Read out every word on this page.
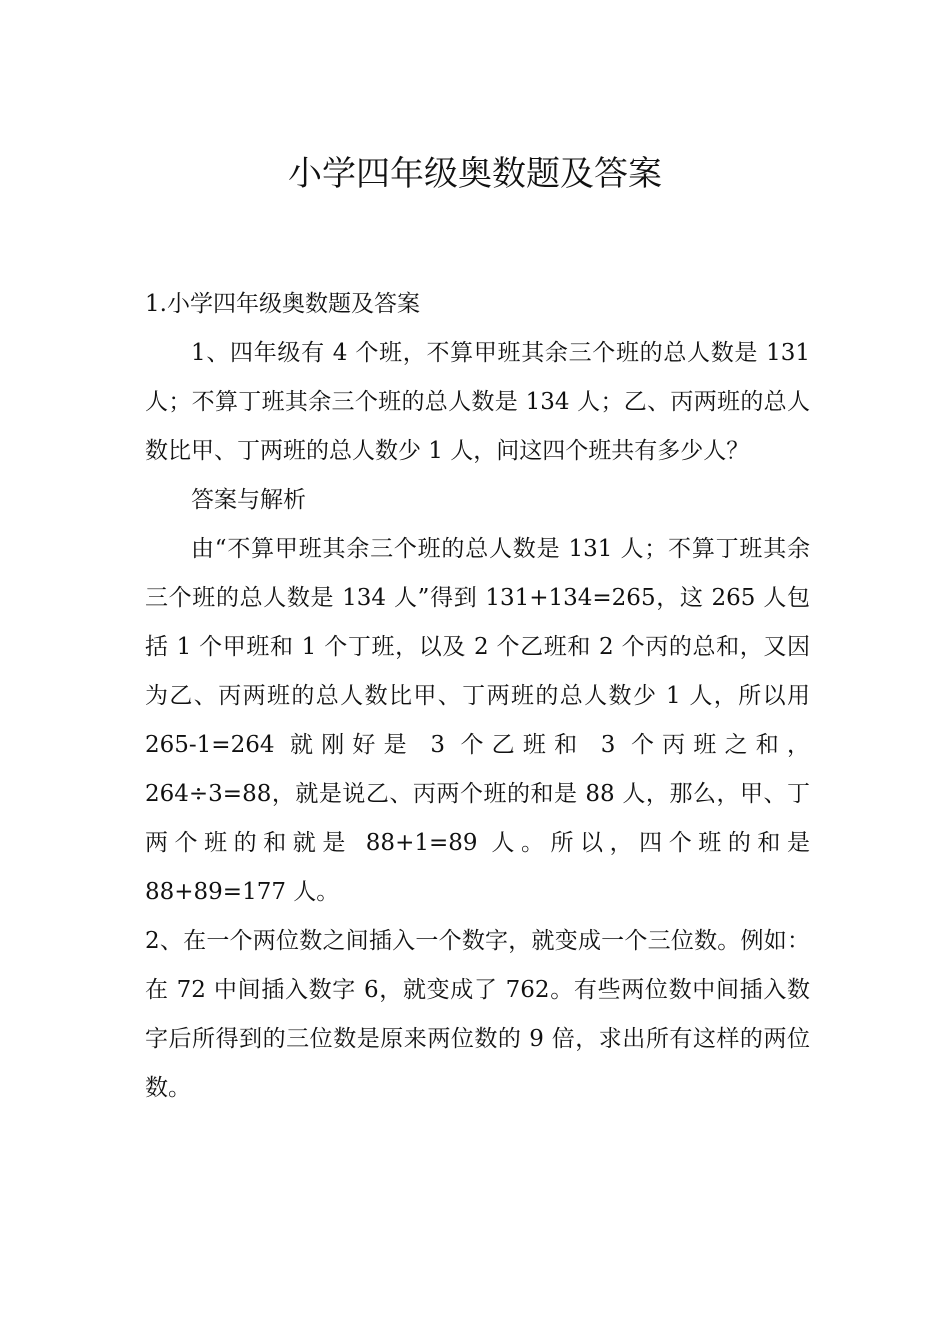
小学四年级奥数题及答案

1.小学四年级奥数题及答案

1、四年级有 4 个班，不算甲班其余三个班的总人数是 131 人；不算丁班其余三个班的总人数是 134 人；乙、丙两班的总人数比甲、丁两班的总人数少 1 人，问这四个班共有多少人？

答案与解析

由“不算甲班其余三个班的总人数是 131 人；不算丁班其余三个班的总人数是 134 人”得到 131+134=265，这 265 人包括 1 个甲班和 1 个丁班，以及 2 个乙班和 2 个丙的总和，又因为乙、丙两班的总人数比甲、丁两班的总人数少 1 人，所以用 265-1=264 就刚好是 3 个乙班和 3 个丙班之和，264÷3=88，就是说乙、丙两个班的和是 88 人，那么，甲、丁两个班的和就是 88+1=89 人。所以，四个班的和是 88+89=177 人。

2、在一个两位数之间插入一个数字，就变成一个三位数。例如：在 72 中间插入数字 6，就变成了 762。有些两位数中间插入数字后所得到的三位数是原来两位数的 9 倍，求出所有这样的两位数。
